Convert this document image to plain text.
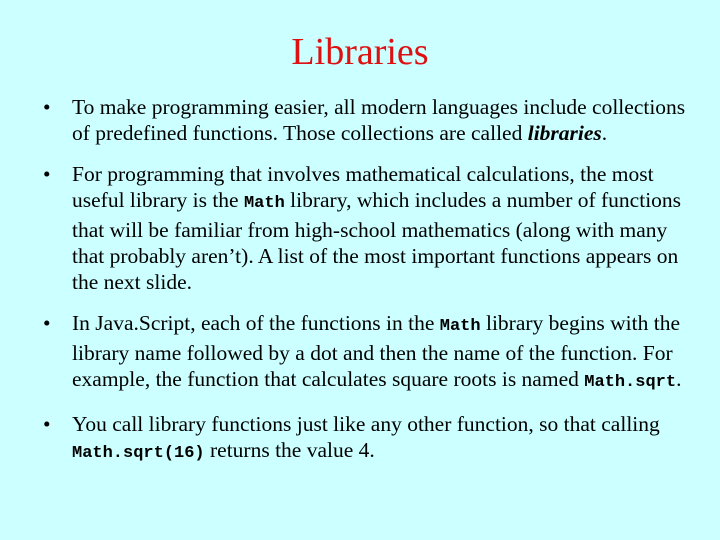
Libraries
• To make programming easier, all modern languages include collections of predefined functions. Those collections are called libraries.
• For programming that involves mathematical calculations, the most useful library is the Math library, which includes a number of functions that will be familiar from high-school mathematics (along with many that probably aren’t). A list of the most important functions appears on the next slide.
• In Java.Script, each of the functions in the Math library begins with the library name followed by a dot and then the name of the function. For example, the function that calculates square roots is named Math.sqrt.
• You call library functions just like any other function, so that calling Math.sqrt(16) returns the value 4.
